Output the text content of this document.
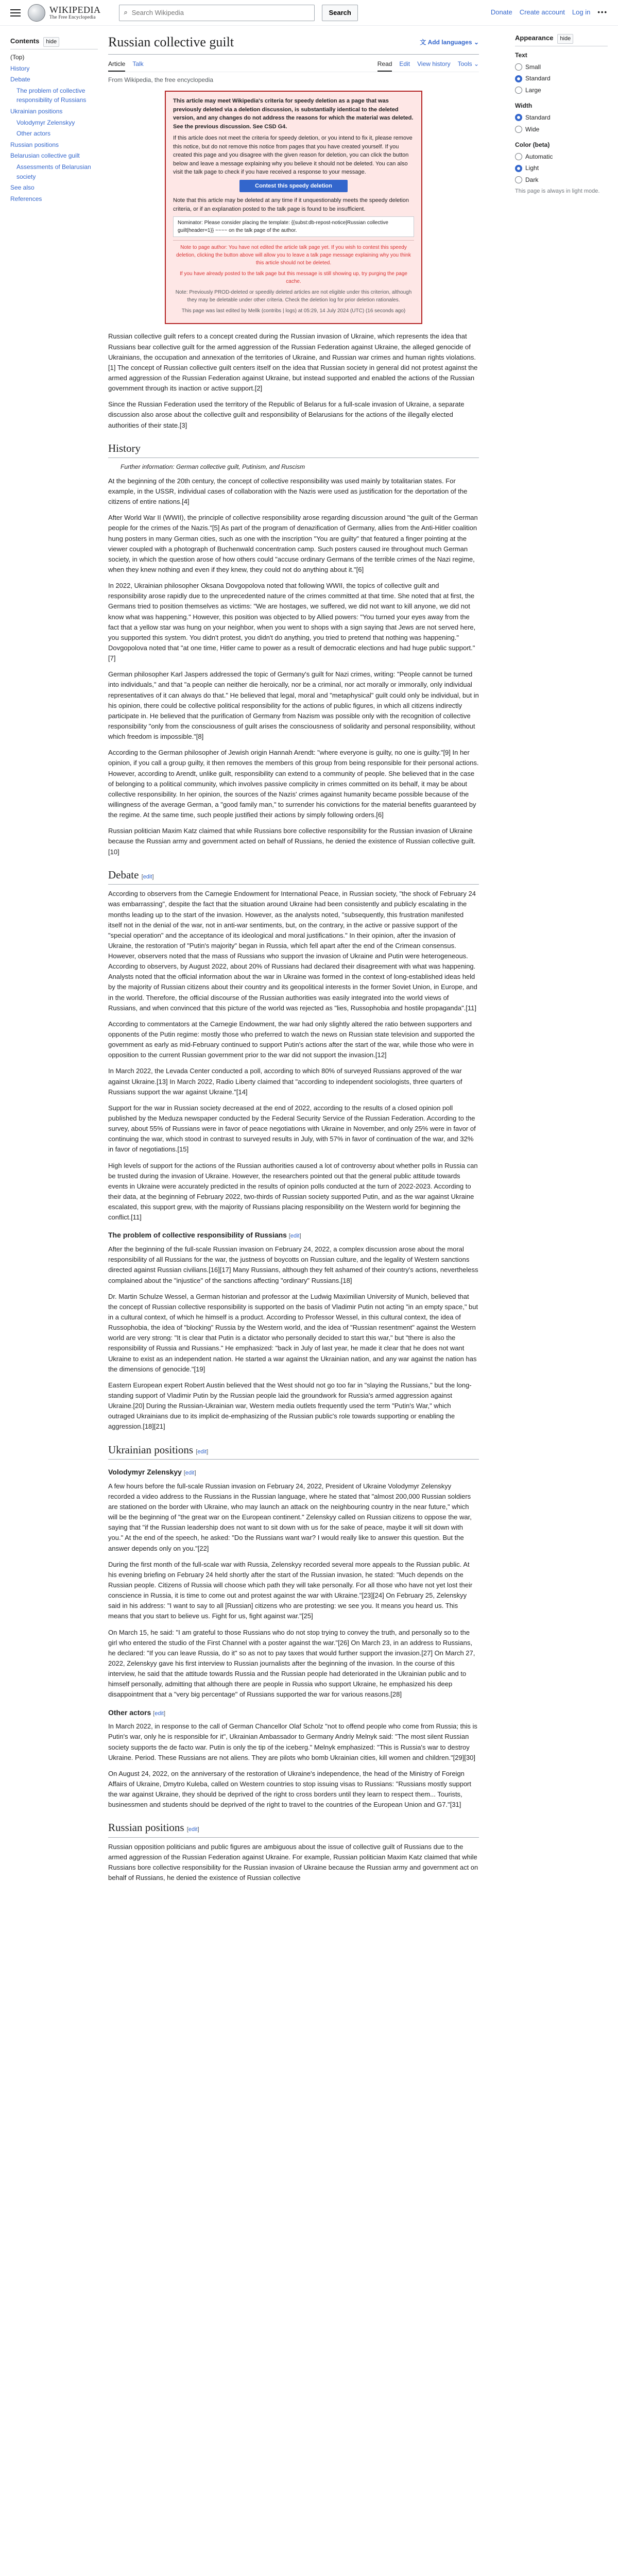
WIKIPEDIA
The Free Encyclopedia
⌕
Search Wikipedia	Search	Donate Create account Log in •••
Contents	hide
(Top)
History
Debate
The problem of collective responsibility of Russians
Ukrainian positions
Volodymyr Zelenskyy
Other actors
Russian positions
Belarusian collective guilt
Assessments of Belarusian society
See also
References
Russian collective guilt	文 Add languages ⌄
Article Talk	Read Edit View history Tools ⌄
From Wikipedia, the free encyclopedia

This article may meet Wikipedia's criteria for speedy deletion as a page that was previously deleted via a deletion discussion, is substantially identical to the deleted version, and any changes do not address the reasons for which the material was deleted. See the previous discussion. See CSD G4.

If this article does not meet the criteria for speedy deletion, or you intend to fix it, please remove this notice, but do not remove this notice from pages that you have created yourself. If you created this page and you disagree with the given reason for deletion, you can click the button below and leave a message explaining why you believe it should not be deleted. You can also visit the talk page to check if you have received a response to your message.

Contest this speedy deletion

Note that this article may be deleted at any time if it unquestionably meets the speedy deletion criteria, or if an explanation posted to the talk page is found to be insufficient.

Nominator: Please consider placing the template: {{subst:db-repost-notice|Russian collective guilt|header=1}} ~~~~ on the talk page of the author.

Note to page author: You have not edited the article talk page yet. If you wish to contest this speedy deletion, clicking the button above will allow you to leave a talk page message explaining why you think this article should not be deleted.

If you have already posted to the talk page but this message is still showing up, try purging the page cache.

Note: Previously PROD-deleted or speedily deleted articles are not eligible under this criterion, although they may be deletable under other criteria. Check the deletion log for prior deletion rationales.

This page was last edited by Mellk (contribs | logs) at 05:29, 14 July 2024 (UTC) (16 seconds ago)

Russian collective guilt refers to a concept created during the Russian invasion of Ukraine, which represents the idea that Russians bear collective guilt for the armed aggression of the Russian Federation against Ukraine, the alleged genocide of Ukrainians, the occupation and annexation of the territories of Ukraine, and Russian war crimes and human rights violations.[1] The concept of Russian collective guilt centers itself on the idea that Russian society in general did not protest against the armed aggression of the Russian Federation against Ukraine, but instead supported and enabled the actions of the Russian government through its inaction or active support.[2]

Since the Russian Federation used the territory of the Republic of Belarus for a full-scale invasion of Ukraine, a separate discussion also arose about the collective guilt and responsibility of Belarusians for the actions of the illegally elected authorities of their state.[3]

History
Further information: German collective guilt, Putinism, and Ruscism

At the beginning of the 20th century, the concept of collective responsibility was used mainly by totalitarian states. For example, in the USSR, individual cases of collaboration with the Nazis were used as justification for the deportation of the citizens of entire nations.[4]

After World War II (WWII), the principle of collective responsibility arose regarding discussion around "the guilt of the German people for the crimes of the Nazis."[5] As part of the program of denazification of Germany, allies from the Anti-Hitler coalition hung posters in many German cities, such as one with the inscription "You are guilty" that featured a finger pointing at the viewer coupled with a photograph of Buchenwald concentration camp. Such posters caused ire throughout much German society, in which the question arose of how others could "accuse ordinary Germans of the terrible crimes of the Nazi regime, when they knew nothing and even if they knew, they could not do anything about it."[6]

In 2022, Ukrainian philosopher Oksana Dovgopolova noted that following WWII, the topics of collective guilt and responsibility arose rapidly due to the unprecedented nature of the crimes committed at that time. She noted that at first, the Germans tried to position themselves as victims: "We are hostages, we suffered, we did not want to kill anyone, we did not know what was happening." However, this position was objected to by Allied powers: "You turned your eyes away from the fact that a yellow star was hung on your neighbor, when you went to shops with a sign saying that Jews are not served here, you supported this system. You didn't protest, you didn't do anything, you tried to pretend that nothing was happening." Dovgopolova noted that "at one time, Hitler came to power as a result of democratic elections and had huge public support."[7]

German philosopher Karl Jaspers addressed the topic of Germany's guilt for Nazi crimes, writing: "People cannot be turned into individuals," and that "a people can neither die heroically, nor be a criminal, nor act morally or immorally, only individual representatives of it can always do that." He believed that legal, moral and "metaphysical" guilt could only be individual, but in his opinion, there could be collective political responsibility for the actions of public figures, in which all citizens indirectly participate in. He believed that the purification of Germany from Nazism was possible only with the recognition of collective responsibility "only from the consciousness of guilt arises the consciousness of solidarity and personal responsibility, without which freedom is impossible."[8]

According to the German philosopher of Jewish origin Hannah Arendt: "where everyone is guilty, no one is guilty."[9] In her opinion, if you call a group guilty, it then removes the members of this group from being responsible for their personal actions. However, according to Arendt, unlike guilt, responsibility can extend to a community of people. She believed that in the case of belonging to a political community, which involves passive complicity in crimes committed on its behalf, it may be about collective responsibility. In her opinion, the sources of the Nazis' crimes against humanity became possible because of the willingness of the average German, a "good family man," to surrender his convictions for the material benefits guaranteed by the regime. At the same time, such people justified their actions by simply following orders.[6]

Russian politician Maxim Katz claimed that while Russians bore collective responsibility for the Russian invasion of Ukraine because the Russian army and government acted on behalf of Russians, he denied the existence of Russian collective guilt.[10]

Debate [edit]

According to observers from the Carnegie Endowment for International Peace, in Russian society, "the shock of February 24 was embarrassing", despite the fact that the situation around Ukraine had been consistently and publicly escalating in the months leading up to the start of the invasion. However, as the analysts noted, "subsequently, this frustration manifested itself not in the denial of the war, not in anti-war sentiments, but, on the contrary, in the active or passive support of the "special operation" and the acceptance of its ideological and moral justifications." In their opinion, after the invasion of Ukraine, the restoration of "Putin's majority" began in Russia, which fell apart after the end of the Crimean consensus. However, observers noted that the mass of Russians who support the invasion of Ukraine and Putin were heterogeneous. According to observers, by August 2022, about 20% of Russians had declared their disagreement with what was happening. Analysts noted that the official information about the war in Ukraine was formed in the context of long-established ideas held by the majority of Russian citizens about their country and its geopolitical interests in the former Soviet Union, in Europe, and in the world. Therefore, the official discourse of the Russian authorities was easily integrated into the world views of Russians, and when convinced that this picture of the world was rejected as "lies, Russophobia and hostile propaganda".[11]

According to commentators at the Carnegie Endowment, the war had only slightly altered the ratio between supporters and opponents of the Putin regime: mostly those who preferred to watch the news on Russian state television and supported the government as early as mid-February continued to support Putin's actions after the start of the war, while those who were in opposition to the current Russian government prior to the war did not support the invasion.[12]

In March 2022, the Levada Center conducted a poll, according to which 80% of surveyed Russians approved of the war against Ukraine.[13] In March 2022, Radio Liberty claimed that "according to independent sociologists, three quarters of Russians support the war against Ukraine."[14]

Support for the war in Russian society decreased at the end of 2022, according to the results of a closed opinion poll published by the Meduza newspaper conducted by the Federal Security Service of the Russian Federation. According to the survey, about 55% of Russians were in favor of peace negotiations with Ukraine in November, and only 25% were in favor of continuing the war, which stood in contrast to surveyed results in July, with 57% in favor of continuation of the war, and 32% in favor of negotiations.[15]

High levels of support for the actions of the Russian authorities caused a lot of controversy about whether polls in Russia can be trusted during the invasion of Ukraine. However, the researchers pointed out that the general public attitude towards events in Ukraine were accurately predicted in the results of opinion polls conducted at the turn of 2022-2023. According to their data, at the beginning of February 2022, two-thirds of Russian society supported Putin, and as the war against Ukraine escalated, this support grew, with the majority of Russians placing responsibility on the Western world for beginning the conflict.[11]

The problem of collective responsibility of Russians [edit]

After the beginning of the full-scale Russian invasion on February 24, 2022, a complex discussion arose about the moral responsibility of all Russians for the war, the justness of boycotts on Russian culture, and the legality of Western sanctions directed against Russian civilians.[16][17] Many Russians, although they felt ashamed of their country's actions, nevertheless complained about the "injustice" of the sanctions affecting "ordinary" Russians.[18]

Dr. Martin Schulze Wessel, a German historian and professor at the Ludwig Maximilian University of Munich, believed that the concept of Russian collective responsibility is supported on the basis of Vladimir Putin not acting "in an empty space," but in a cultural context, of which he himself is a product. According to Professor Wessel, in this cultural context, the idea of Russophobia, the idea of "blocking" Russia by the Western world, and the idea of "Russian resentment" against the Western world are very strong: "It is clear that Putin is a dictator who personally decided to start this war," but "there is also the responsibility of Russia and Russians." He emphasized: "back in July of last year, he made it clear that he does not want Ukraine to exist as an independent nation. He started a war against the Ukrainian nation, and any war against the nation has the dimensions of genocide."[19]

Eastern European expert Robert Austin believed that the West should not go too far in "slaying the Russians," but the long-standing support of Vladimir Putin by the Russian people laid the groundwork for Russia's armed aggression against Ukraine.[20] During the Russian-Ukrainian war, Western media outlets frequently used the term "Putin's War," which outraged Ukrainians due to its implicit de-emphasizing of the Russian public's role towards supporting or enabling the aggression.[18][21]

Ukrainian positions [edit]
Volodymyr Zelenskyy [edit]

A few hours before the full-scale Russian invasion on February 24, 2022, President of Ukraine Volodymyr Zelenskyy recorded a video address to the Russians in the Russian language, where he stated that "almost 200,000 Russian soldiers are stationed on the border with Ukraine, who may launch an attack on the neighbouring country in the near future," which will be the beginning of "the great war on the European continent." Zelenskyy called on Russian citizens to oppose the war, saying that "if the Russian leadership does not want to sit down with us for the sake of peace, maybe it will sit down with you." At the end of the speech, he asked: "Do the Russians want war? I would really like to answer this question. But the answer depends only on you."[22]

During the first month of the full-scale war with Russia, Zelenskyy recorded several more appeals to the Russian public. At his evening briefing on February 24 held shortly after the start of the Russian invasion, he stated: "Much depends on the Russian people. Citizens of Russia will choose which path they will take personally. For all those who have not yet lost their conscience in Russia, it is time to come out and protest against the war with Ukraine."[23][24] On February 25, Zelenskyy said in his address: "I want to say to all [Russian] citizens who are protesting: we see you. It means you heard us. This means that you start to believe us. Fight for us, fight against war."[25]

On March 15, he said: "I am grateful to those Russians who do not stop trying to convey the truth, and personally so to the girl who entered the studio of the First Channel with a poster against the war."[26] On March 23, in an address to Russians, he declared: "If you can leave Russia, do it" so as not to pay taxes that would further support the invasion.[27] On March 27, 2022, Zelenskyy gave his first interview to Russian journalists after the beginning of the invasion. In the course of this interview, he said that the attitude towards Russia and the Russian people had deteriorated in the Ukrainian public and to himself personally, admitting that although there are people in Russia who support Ukraine, he emphasized his deep disappointment that a "very big percentage" of Russians supported the war for various reasons.[28]

Other actors [edit]

In March 2022, in response to the call of German Chancellor Olaf Scholz "not to offend people who come from Russia; this is Putin's war, only he is responsible for it", Ukrainian Ambassador to Germany Andriy Melnyk said: "The most silent Russian society supports the de facto war. Putin is only the tip of the iceberg." Melnyk emphasized: "This is Russia's war to destroy Ukraine. Period. These Russians are not aliens. They are pilots who bomb Ukrainian cities, kill women and children."[29][30]

On August 24, 2022, on the anniversary of the restoration of Ukraine's independence, the head of the Ministry of Foreign Affairs of Ukraine, Dmytro Kuleba, called on Western countries to stop issuing visas to Russians: "Russians mostly support the war against Ukraine, they should be deprived of the right to cross borders until they learn to respect them... Tourists, businessmen and students should be deprived of the right to travel to the countries of the European Union and G7."[31]

Russian positions [edit]

Russian opposition politicians and public figures are ambiguous about the issue of collective guilt of Russians due to the armed aggression of the Russian Federation against Ukraine. For example, Russian politician Maxim Katz claimed that while Russians bore collective responsibility for the Russian invasion of Ukraine because the Russian army and government act on behalf of Russians, he denied the existence of Russian collective

Appearance	hide
Text
Small
Standard
Large
Width
Standard
Wide
Color (beta)
Automatic
Light
Dark
This page is always in light mode.
